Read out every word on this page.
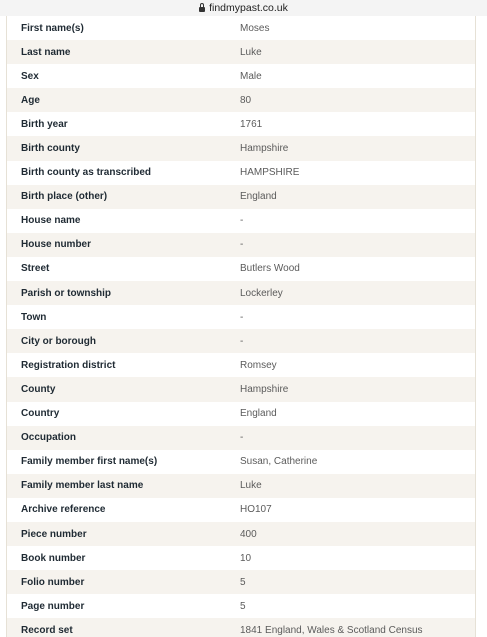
findmypast.co.uk
First name(s)	Moses
Last name	Luke
Sex	Male
Age	80
Birth year	1761
Birth county	Hampshire
Birth county as transcribed	HAMPSHIRE
Birth place (other)	England
House name	-
House number	-
Street	Butlers Wood
Parish or township	Lockerley
Town	-
City or borough	-
Registration district	Romsey
County	Hampshire
Country	England
Occupation	-
Family member first name(s)	Susan, Catherine
Family member last name	Luke
Archive reference	HO107
Piece number	400
Book number	10
Folio number	5
Page number	5
Record set	1841 England, Wales & Scotland Census
